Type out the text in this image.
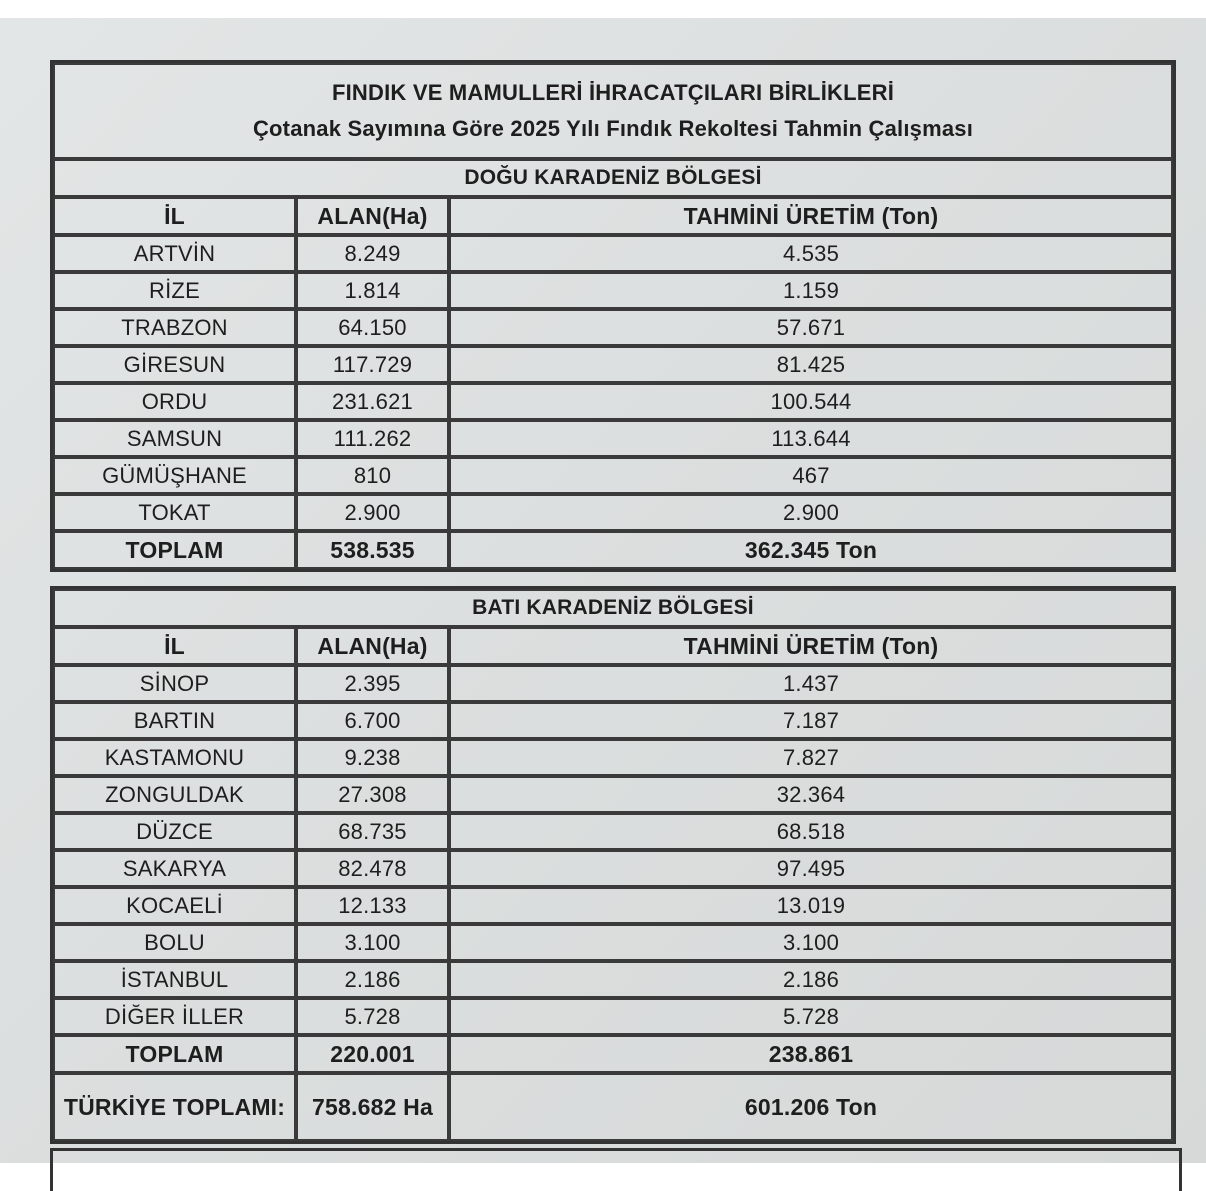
FINDIK VE MAMULLERİ İHRACATÇILARI BİRLİKLERİ
Çotanak Sayımına Göre 2025 Yılı Fındık Rekoltesi Tahmin Çalışması		

DOĞU KARADENİZ BÖLGESİ		
İL	ALAN(Ha)	TAHMİNİ ÜRETİM (Ton)
ARTVİN	8.249	4.535
RİZE	1.814	1.159
TRABZON	64.150	57.671
GİRESUN	117.729	81.425
ORDU	231.621	100.544
SAMSUN	111.262	113.644
GÜMÜŞHANE	810	467
TOKAT	2.900	2.900
TOPLAM	538.535	362.345 Ton
BATI KARADENİZ BÖLGESİ		
İL	ALAN(Ha)	TAHMİNİ ÜRETİM (Ton)
SİNOP	2.395	1.437
BARTIN	6.700	7.187
KASTAMONU	9.238	7.827
ZONGULDAK	27.308	32.364
DÜZCE	68.735	68.518
SAKARYA	82.478	97.495
KOCAELİ	12.133	13.019
BOLU	3.100	3.100
İSTANBUL	2.186	2.186
DİĞER İLLER	5.728	5.728
TOPLAM	220.001	238.861
TÜRKİYE TOPLAMI:	758.682 Ha	601.206 Ton
